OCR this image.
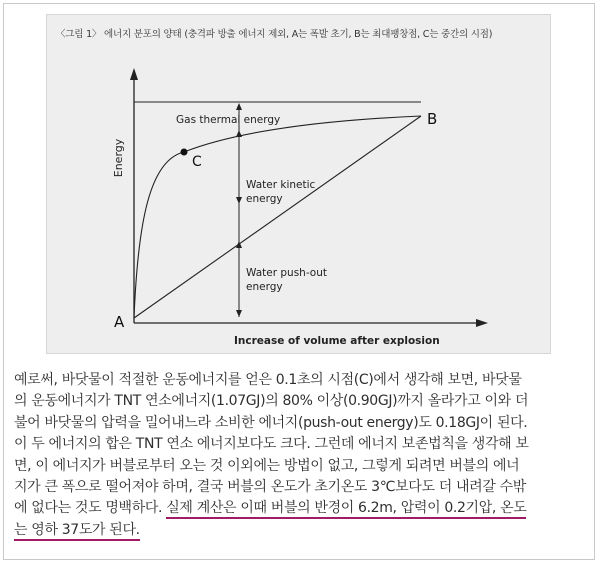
〈그림 1〉 에너지 분포의 양태 (충격파 방출 에너지 제외, A는 폭발 초기, B는 최대팽창점, C는 중간의 시점)
Energy
Increase of volume after explosion
A
B
C
Gas thermal energy
Water kinetic
energy
Water push-out
energy
예로써, 바닷물이 적절한 운동에너지를 얻은 0.1초의 시점(C)에서 생각해 보면, 바닷물
의 운동에너지가 TNT 연소에너지(1.07GJ)의 80% 이상(0.90GJ)까지 올라가고 이와 더
불어 바닷물의 압력을 밀어내느라 소비한 에너지(push-out energy)도 0.18GJ이 된다.
이 두 에너지의 합은 TNT 연소 에너지보다도 크다. 그런데 에너지 보존법칙을 생각해 보
면, 이 에너지가 버블로부터 오는 것 이외에는 방법이 없고, 그렇게 되려면 버블의 에너
지가 큰 폭으로 떨어져야 하며, 결국 버블의 온도가 초기온도 3℃보다도 더 내려갈 수밖
에 없다는 것도 명백하다. 실제 계산은 이때 버블의 반경이 6.2m, 압력이 0.2기압, 온도
는 영하 37도가 된다.
